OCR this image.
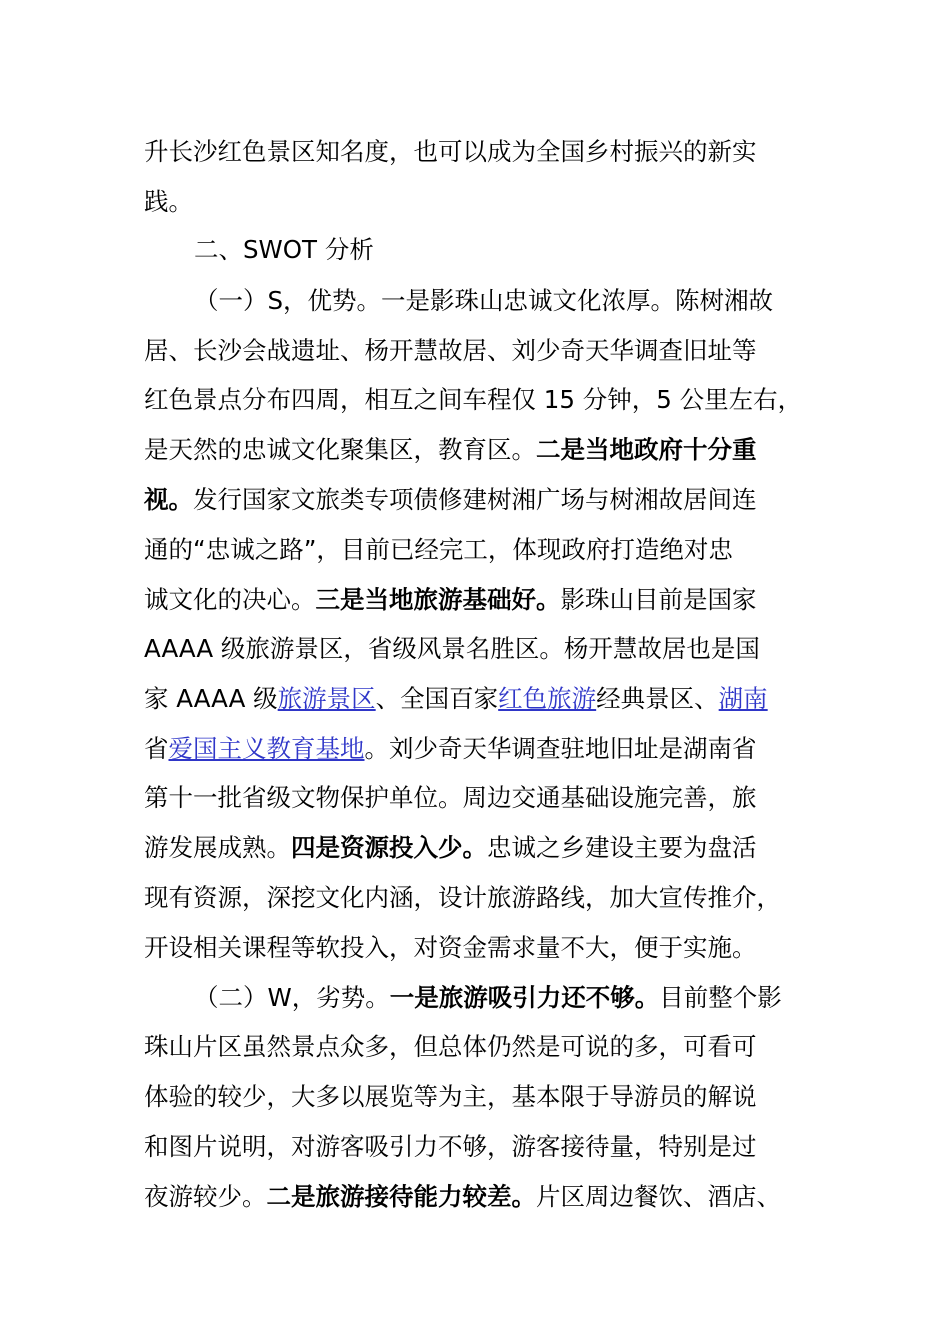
升长沙红色景区知名度，也可以成为全国乡村振兴的新实
践。
二、SWOT 分析
（一）S，优势。一是影珠山忠诚文化浓厚。陈树湘故
居、长沙会战遗址、杨开慧故居、刘少奇天华调查旧址等
红色景点分布四周，相互之间车程仅 15 分钟，5 公里左右，
是天然的忠诚文化聚集区，教育区。二是当地政府十分重
视。发行国家文旅类专项债修建树湘广场与树湘故居间连
通的“忠诚之路”，目前已经完工，体现政府打造绝对忠
诚文化的决心。三是当地旅游基础好。影珠山目前是国家
AAAA 级旅游景区，省级风景名胜区。杨开慧故居也是国
家 AAAA 级旅游景区、全国百家红色旅游经典景区、湖南
省爱国主义教育基地。刘少奇天华调查驻地旧址是湖南省
第十一批省级文物保护单位。周边交通基础设施完善，旅
游发展成熟。四是资源投入少。忠诚之乡建设主要为盘活
现有资源，深挖文化内涵，设计旅游路线，加大宣传推介，
开设相关课程等软投入，对资金需求量不大，便于实施。
（二）W，劣势。一是旅游吸引力还不够。目前整个影
珠山片区虽然景点众多，但总体仍然是可说的多，可看可
体验的较少，大多以展览等为主，基本限于导游员的解说
和图片说明，对游客吸引力不够，游客接待量，特别是过
夜游较少。二是旅游接待能力较差。片区周边餐饮、酒店、
